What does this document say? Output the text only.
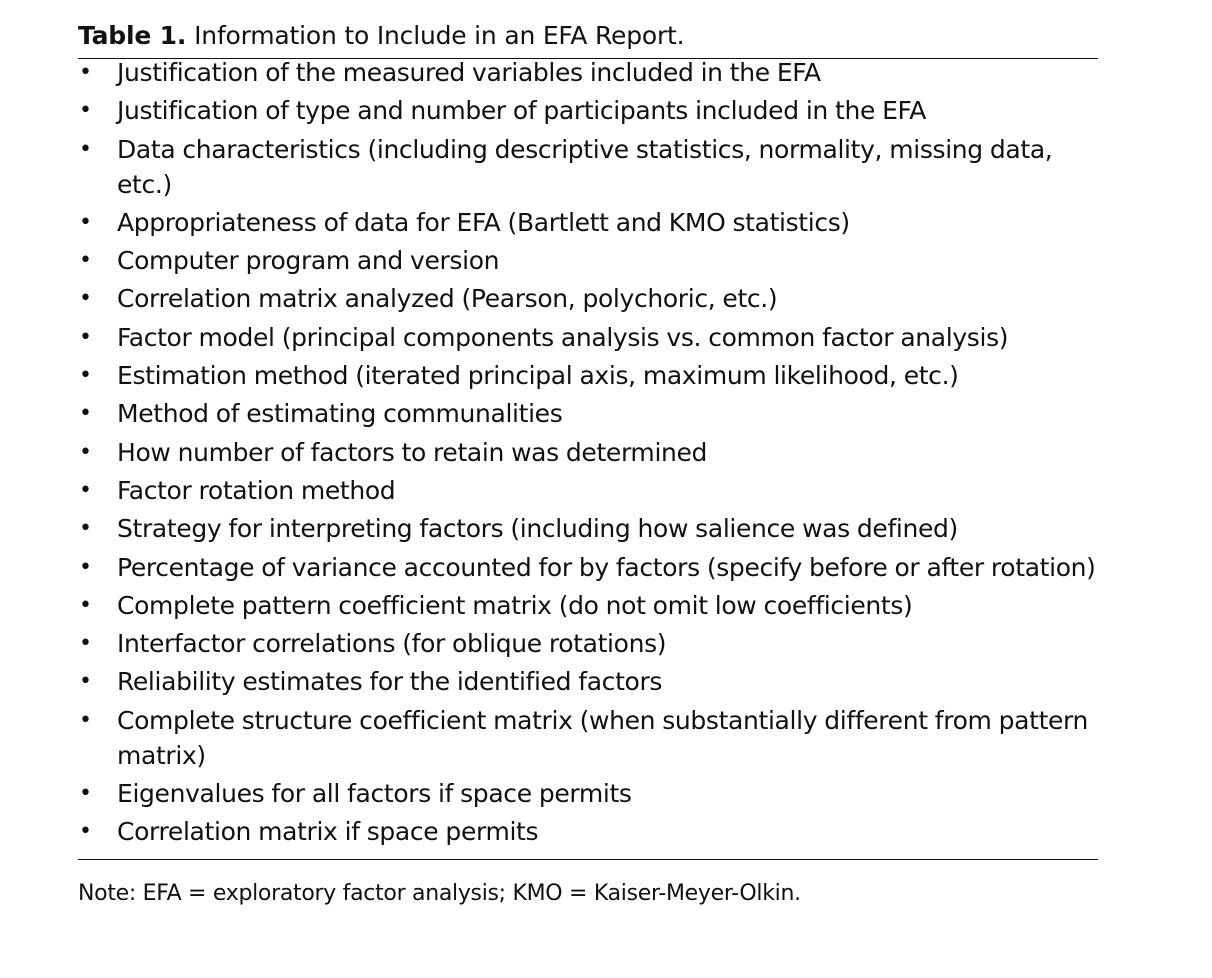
Table 1. Information to Include in an EFA Report.
• Justification of the measured variables included in the EFA
• Justification of type and number of participants included in the EFA
• Data characteristics (including descriptive statistics, normality, missing data, etc.)
• Appropriateness of data for EFA (Bartlett and KMO statistics)
• Computer program and version
• Correlation matrix analyzed (Pearson, polychoric, etc.)
• Factor model (principal components analysis vs. common factor analysis)
• Estimation method (iterated principal axis, maximum likelihood, etc.)
• Method of estimating communalities
• How number of factors to retain was determined
• Factor rotation method
• Strategy for interpreting factors (including how salience was defined)
• Percentage of variance accounted for by factors (specify before or after rotation)
• Complete pattern coefficient matrix (do not omit low coefficients)
• Interfactor correlations (for oblique rotations)
• Reliability estimates for the identified factors
• Complete structure coefficient matrix (when substantially different from pattern matrix)
• Eigenvalues for all factors if space permits
• Correlation matrix if space permits
Note: EFA = exploratory factor analysis; KMO = Kaiser-Meyer-Olkin.
